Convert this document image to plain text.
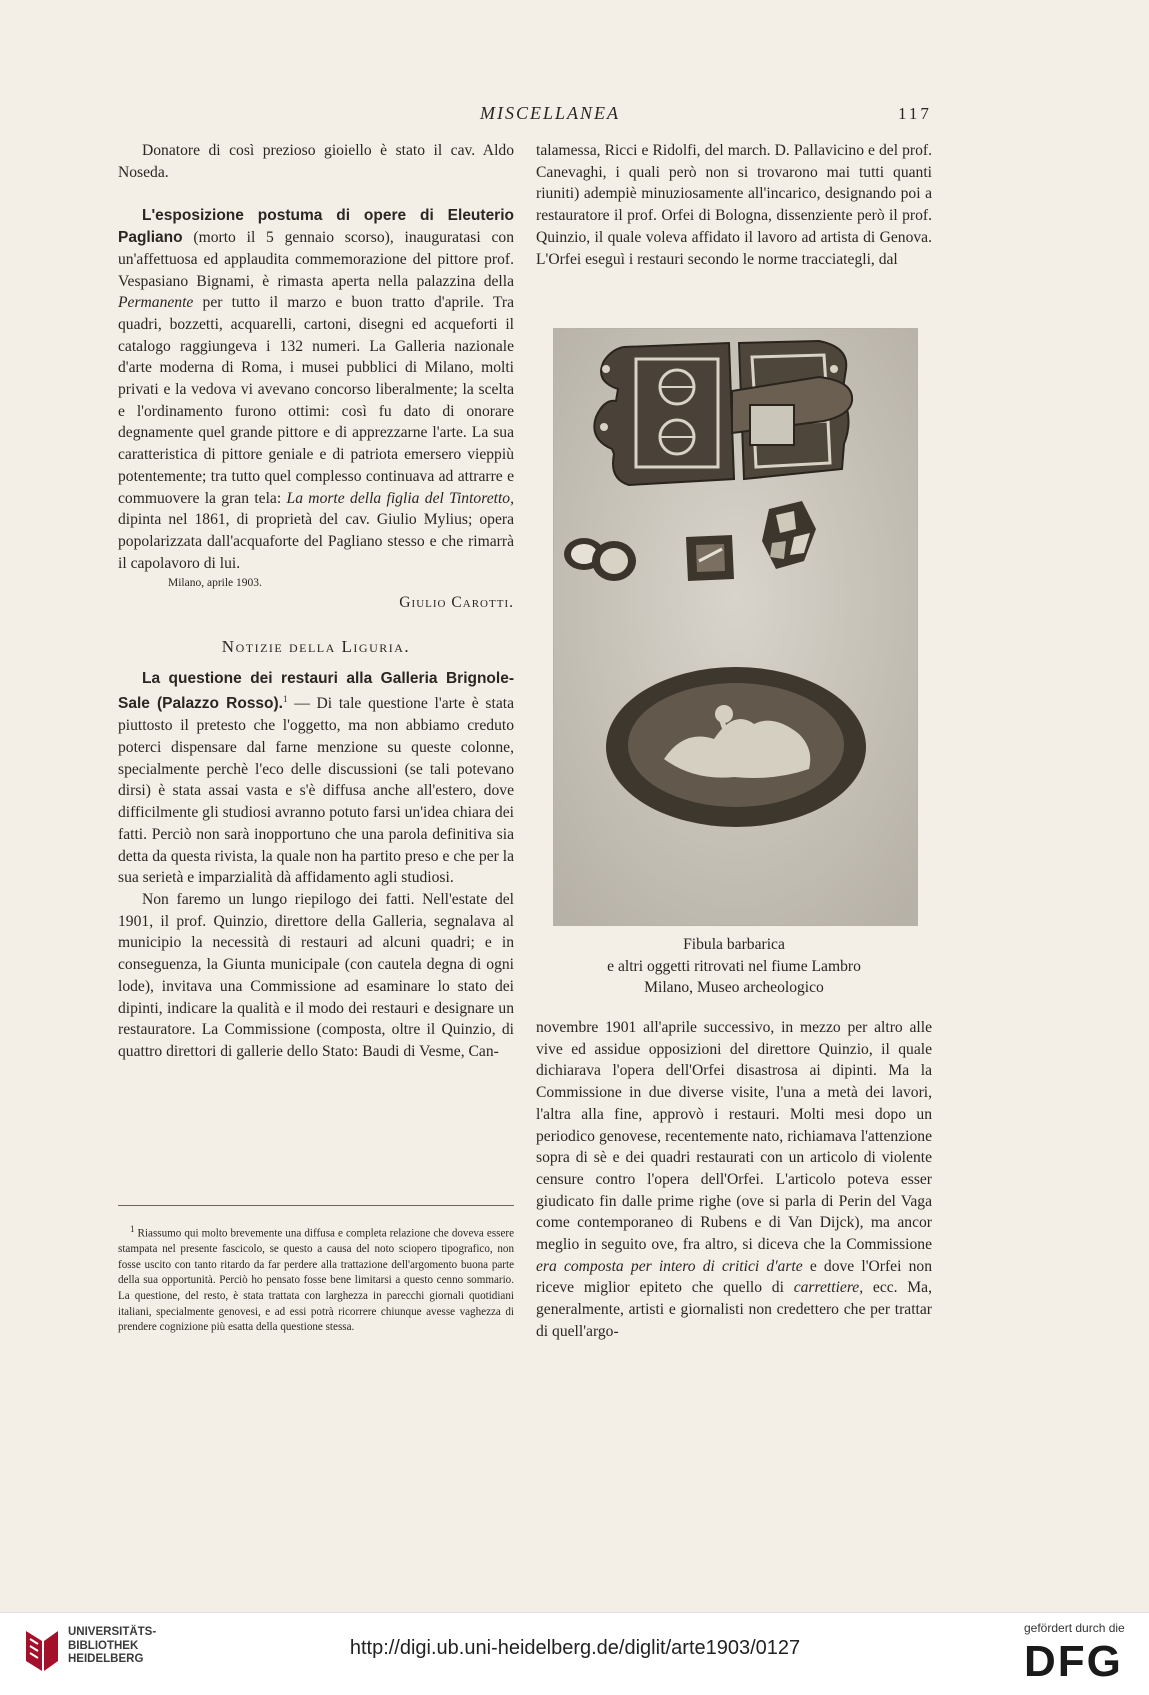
MISCELLANEA	117

Donatore di così prezioso gioiello è stato il cav. Aldo Noseda.

L'esposizione postuma di opere di Eleuterio Pagliano (morto il 5 gennaio scorso), inauguratasi con un'affettuosa ed applaudita commemorazione del pittore prof. Vespasiano Bignami, è rimasta aperta nella palazzina della Permanente per tutto il marzo e buon tratto d'aprile. Tra quadri, bozzetti, acquarelli, cartoni, disegni ed acqueforti il catalogo raggiungeva i 132 numeri. La Galleria nazionale d'arte moderna di Roma, i musei pubblici di Milano, molti privati e la vedova vi avevano concorso liberalmente; la scelta e l'ordinamento furono ottimi: così fu dato di onorare degnamente quel grande pittore e di apprezzarne l'arte. La sua caratteristica di pittore geniale e di patriota emersero vieppiù potentemente; tra tutto quel complesso continuava ad attrarre e commuovere la gran tela: La morte della figlia del Tintoretto, dipinta nel 1861, di proprietà del cav. Giulio Mylius; opera popolarizzata dall'acquaforte del Pagliano stesso e che rimarrà il capolavoro di lui.

Milano, aprile 1903.
Giulio Carotti.
Notizie della Liguria.

La questione dei restauri alla Galleria Brignole-Sale (Palazzo Rosso).$^1$ — Di tale questione l'arte è stata piuttosto il pretesto che l'oggetto, ma non abbiamo creduto poterci dispensare dal farne menzione su queste colonne, specialmente perchè l'eco delle discussioni (se tali potevano dirsi) è stata assai vasta e s'è diffusa anche all'estero, dove difficilmente gli studiosi avranno potuto farsi un'idea chiara dei fatti. Perciò non sarà inopportuno che una parola definitiva sia detta da questa rivista, la quale non ha partito preso e che per la sua serietà e imparzialità dà affidamento agli studiosi.

Non faremo un lungo riepilogo dei fatti. Nell'estate del 1901, il prof. Quinzio, direttore della Galleria, segnalava al municipio la necessità di restauri ad alcuni quadri; e in conseguenza, la Giunta municipale (con cautela degna di ogni lode), invitava una Commissione ad esaminare lo stato dei dipinti, indicare la qualità e il modo dei restauri e designare un restauratore. La Commissione (composta, oltre il Quinzio, di quattro direttori di gallerie dello Stato: Baudi di Vesme, Can-

$^1$ Riassumo qui molto brevemente una diffusa e completa relazione che doveva essere stampata nel presente fascicolo, se questo a causa del noto sciopero tipografico, non fosse uscito con tanto ritardo da far perdere alla trattazione dell'argomento buona parte della sua opportunità. Perciò ho pensato fosse bene limitarsi a questo cenno sommario. La questione, del resto, è stata trattata con larghezza in parecchi giornali quotidiani italiani, specialmente genovesi, e ad essi potrà ricorrere chiunque avesse vaghezza di prendere cognizione più esatta della questione stessa.

talamessa, Ricci e Ridolfi, del march. D. Pallavicino e del prof. Canevaghi, i quali però non si trovarono mai tutti quanti riuniti) adempiè minuziosamente all'incarico, designando poi a restauratore il prof. Orfei di Bologna, dissenziente però il prof. Quinzio, il quale voleva affidato il lavoro ad artista di Genova. L'Orfei eseguì i restauri secondo le norme tracciategli, dal

Fibula barbarica
e altri oggetti ritrovati nel fiume Lambro
Milano, Museo archeologico

novembre 1901 all'aprile successivo, in mezzo per altro alle vive ed assidue opposizioni del direttore Quinzio, il quale dichiarava l'opera dell'Orfei disastrosa ai dipinti. Ma la Commissione in due diverse visite, l'una a metà dei lavori, l'altra alla fine, approvò i restauri. Molti mesi dopo un periodico genovese, recentemente nato, richiamava l'attenzione sopra di sè e dei quadri restaurati con un articolo di violente censure contro l'opera dell'Orfei. L'articolo poteva esser giudicato fin dalle prime righe (ove si parla di Perin del Vaga come contemporaneo di Rubens e di Van Dijck), ma ancor meglio in seguito ove, fra altro, si diceva che la Commissione era composta per intero di critici d'arte e dove l'Orfei non riceve miglior epiteto che quello di carrettiere, ecc. Ma, generalmente, artisti e giornalisti non credettero che per trattar di quell'argo-

UNIVERSITÄTS-
BIBLIOTHEK
HEIDELBERG	http://digi.ub.uni-heidelberg.de/diglit/arte1903/0127
gefördert durch die
DFG
